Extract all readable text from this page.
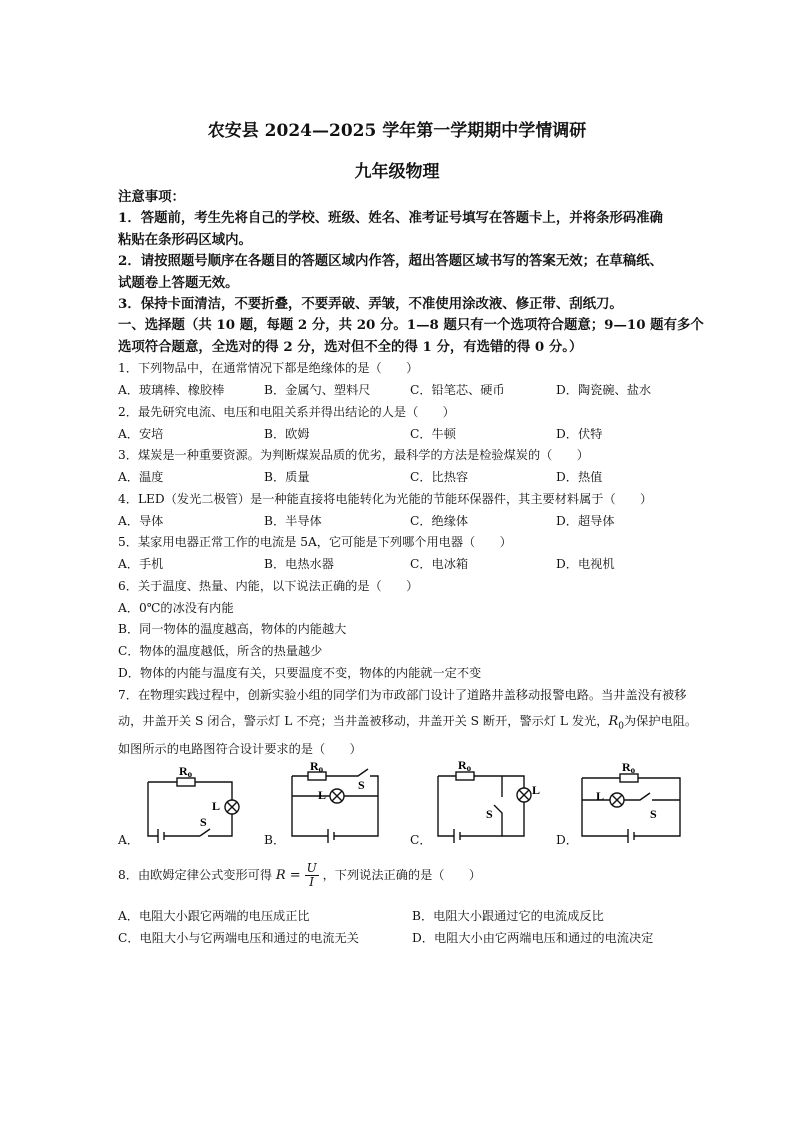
农安县 2024—2025 学年第一学期期中学情调研
九年级物理
注意事项：
1．答题前，考生先将自己的学校、班级、姓名、准考证号填写在答题卡上，并将条形码准确
粘贴在条形码区域内。
2．请按照题号顺序在各题目的答题区域内作答，超出答题区域书写的答案无效；在草稿纸、
试题卷上答题无效。
3．保持卡面清洁，不要折叠，不要弄破、弄皱，不准使用涂改液、修正带、刮纸刀。
一、选择题（共 10 题，每题 2 分，共 20 分。1—8 题只有一个选项符合题意；9—10 题有多个
选项符合题意，全选对的得 2 分，选对但不全的得 1 分，有选错的得 0 分。）
1．下列物品中，在通常情况下都是绝缘体的是（　　）
A．玻璃棒、橡胶棒	B．金属勺、塑料尺	C．铅笔芯、硬币	D．陶瓷碗、盐水
2．最先研究电流、电压和电阻关系并得出结论的人是（　　）
A．安培	B．欧姆	C．牛顿	D．伏特
3．煤炭是一种重要资源。为判断煤炭品质的优劣，最科学的方法是检验煤炭的（　　）
A．温度	B．质量	C．比热容	D．热值
4．LED（发光二极管）是一种能直接将电能转化为光能的节能环保器件，其主要材料属于（　　）
A．导体	B．半导体	C．绝缘体	D．超导体
5．某家用电器正常工作的电流是 5A，它可能是下列哪个用电器（　　）
A．手机	B．电热水器	C．电冰箱	D．电视机
6．关于温度、热量、内能，以下说法正确的是（　　）
A．0℃的冰没有内能
B．同一物体的温度越高，物体的内能越大
C．物体的温度越低，所含的热量越少
D．物体的内能与温度有关，只要温度不变，物体的内能就一定不变
7．在物理实践过程中，创新实验小组的同学们为市政部门设计了道路井盖移动报警电路。当井盖没有被移
动，井盖开关 S 闭合，警示灯 L 不亮；当井盖被移动，井盖开关 S 断开，警示灯 L 发光，$R_0$为保护电阻。
如图所示的电路图符合设计要求的是（　　）
A．	B．	C．	D．
Ro
L
S
Ro
L
S
Ro
L
S
Ro
L
S
8．由欧姆定律公式变形可得 $R = \frac{U}{I}$ ，下列说法正确的是（　　）
A．电阻大小跟它两端的电压成正比	B．电阻大小跟通过它的电流成反比
C．电阻大小与它两端电压和通过的电流无关	D．电阻大小由它两端电压和通过的电流决定
